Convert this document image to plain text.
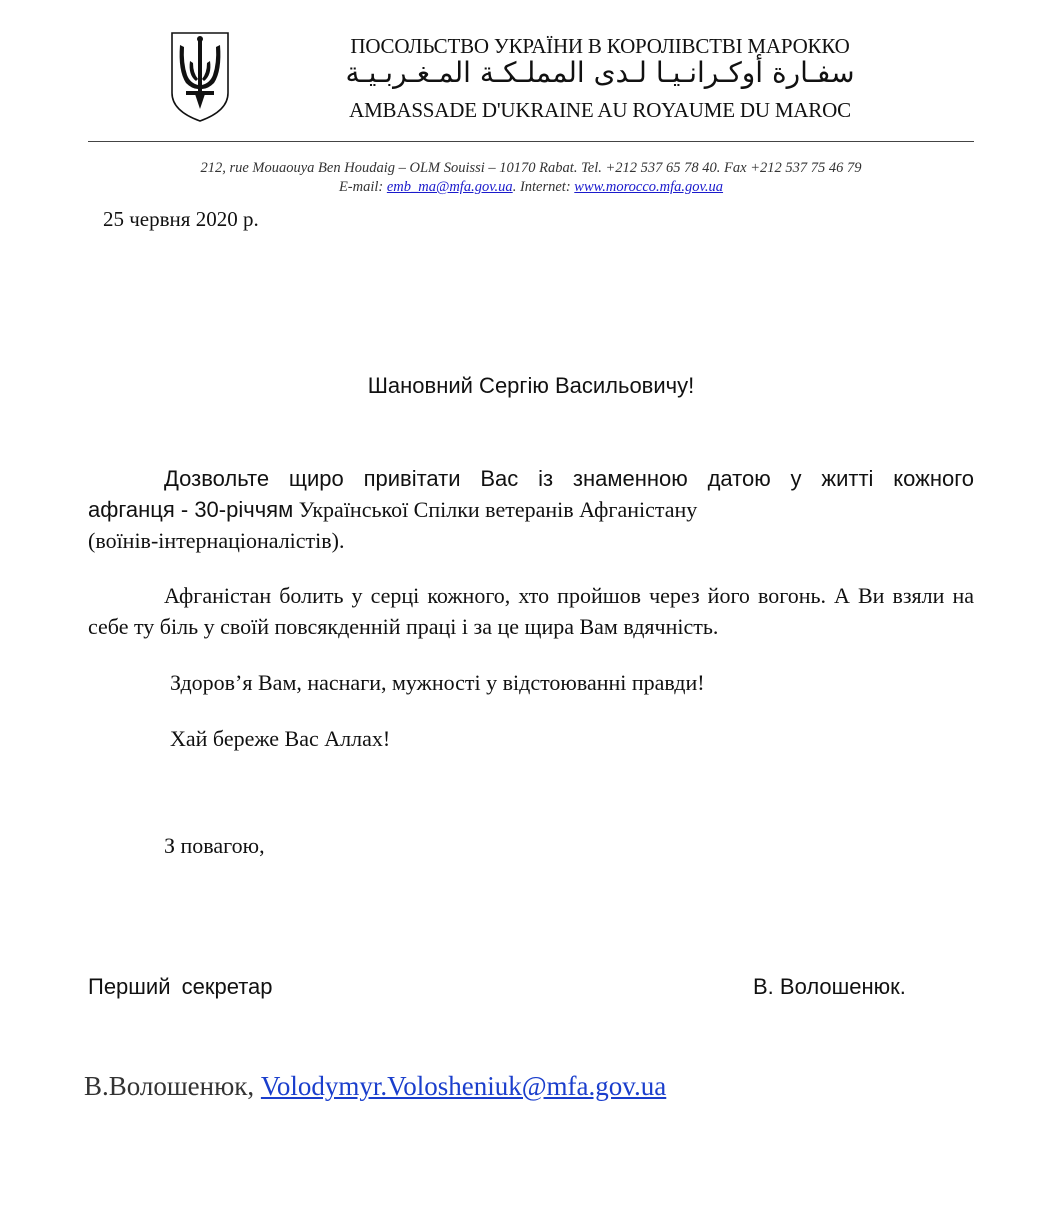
ПОСОЛЬСТВО УКРАЇНИ В КОРОЛІВСТВІ МАРОККО
سفـارة أوكـرانـيـا لـدى المملـكـة المـغـربـيـة
AMBASSADE D'UKRAINE AU ROYAUME DU MAROC
212, rue Mouaouya Ben Houdaig – OLM Souissi – 10170 Rabat. Tel. +212 537 65 78 40. Fax +212 537 75 46 79
E-mail: emb_ma@mfa.gov.ua. Internet: www.morocco.mfa.gov.ua
25 червня 2020 р.
Шановний Сергію Васильовичу!
Дозвольте щиро привітати Вас із знаменною датою у житті кожного
афганця - 30-річчям Української Спілки ветеранів Афганістану
(воїнів-інтернаціоналістів).
Афганістан болить у серці кожного, хто пройшов через його вогонь. А Ви взяли на себе ту біль у своїй повсякденній праці і за це щира Вам вдячність.
Здоров’я Вам, наснаги, мужності у відстоюванні правди!
Хай береже Вас Аллах!
З повагою,
Перший секретар	В. Волошенюк.
В.Волошенюк, Volodymyr.Volosheniuk@mfa.gov.ua
